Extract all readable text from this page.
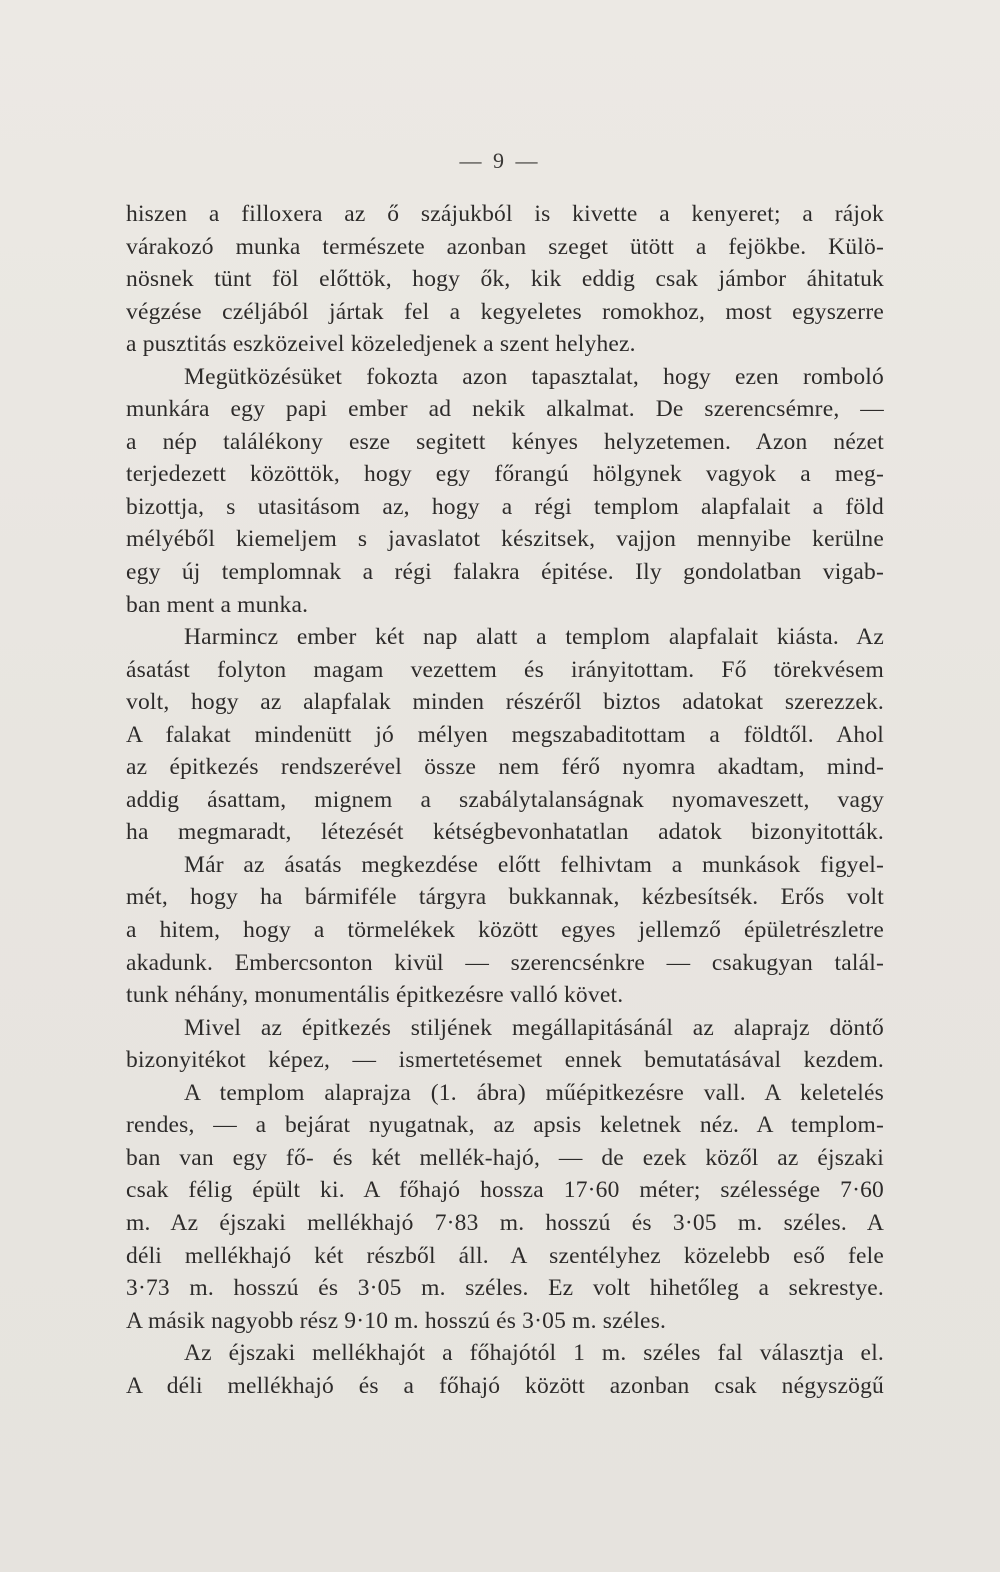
— 9 —
hiszen a filloxera az ő szájukból is kivette a kenyeret; a rájok
várakozó munka természete azonban szeget ütött a fejökbe. Külö-
nösnek tünt föl előttök, hogy ők, kik eddig csak jámbor áhitatuk
végzése czéljából jártak fel a kegyeletes romokhoz, most egyszerre
a pusztitás eszközeivel közeledjenek a szent helyhez.
Megütközésüket fokozta azon tapasztalat, hogy ezen romboló
munkára egy papi ember ad nekik alkalmat. De szerencsémre, —
a nép találékony esze segitett kényes helyzetemen. Azon nézet
terjedezett közöttök, hogy egy főrangú hölgynek vagyok a meg-
bizottja, s utasitásom az, hogy a régi templom alapfalait a föld
mélyéből kiemeljem s javaslatot készitsek, vajjon mennyibe kerülne
egy új templomnak a régi falakra épitése. Ily gondolatban vigab-
ban ment a munka.
Harmincz ember két nap alatt a templom alapfalait kiásta. Az
ásatást folyton magam vezettem és irányitottam. Fő törekvésem
volt, hogy az alapfalak minden részéről biztos adatokat szerezzek.
A falakat mindenütt jó mélyen megszabaditottam a földtől. Ahol
az épitkezés rendszerével össze nem férő nyomra akadtam, mind-
addig ásattam, mignem a szabálytalanságnak nyomaveszett, vagy
ha megmaradt, létezését kétségbevonhatatlan adatok bizonyitották.
Már az ásatás megkezdése előtt felhivtam a munkások figyel-
mét, hogy ha bármiféle tárgyra bukkannak, kézbesítsék. Erős volt
a hitem, hogy a törmelékek között egyes jellemző épületrészletre
akadunk. Embercsonton kivül — szerencsénkre — csakugyan talál-
tunk néhány, monumentális épitkezésre valló követ.
Mivel az épitkezés stiljének megállapitásánál az alaprajz döntő
bizonyitékot képez, — ismertetésemet ennek bemutatásával kezdem.
A templom alaprajza (1. ábra) műépitkezésre vall. A keletelés
rendes, — a bejárat nyugatnak, az apsis keletnek néz. A templom-
ban van egy fő- és két mellék-hajó, — de ezek közől az éjszaki
csak félig épült ki. A főhajó hossza 17·60 méter; szélessége 7·60
m. Az éjszaki mellékhajó 7·83 m. hosszú és 3·05 m. széles. A
déli mellékhajó két részből áll. A szentélyhez közelebb eső fele
3·73 m. hosszú és 3·05 m. széles. Ez volt hihetőleg a sekrestye.
A másik nagyobb rész 9·10 m. hosszú és 3·05 m. széles.
Az éjszaki mellékhajót a főhajótól 1 m. széles fal választja el.
A déli mellékhajó és a főhajó között azonban csak négyszögű
